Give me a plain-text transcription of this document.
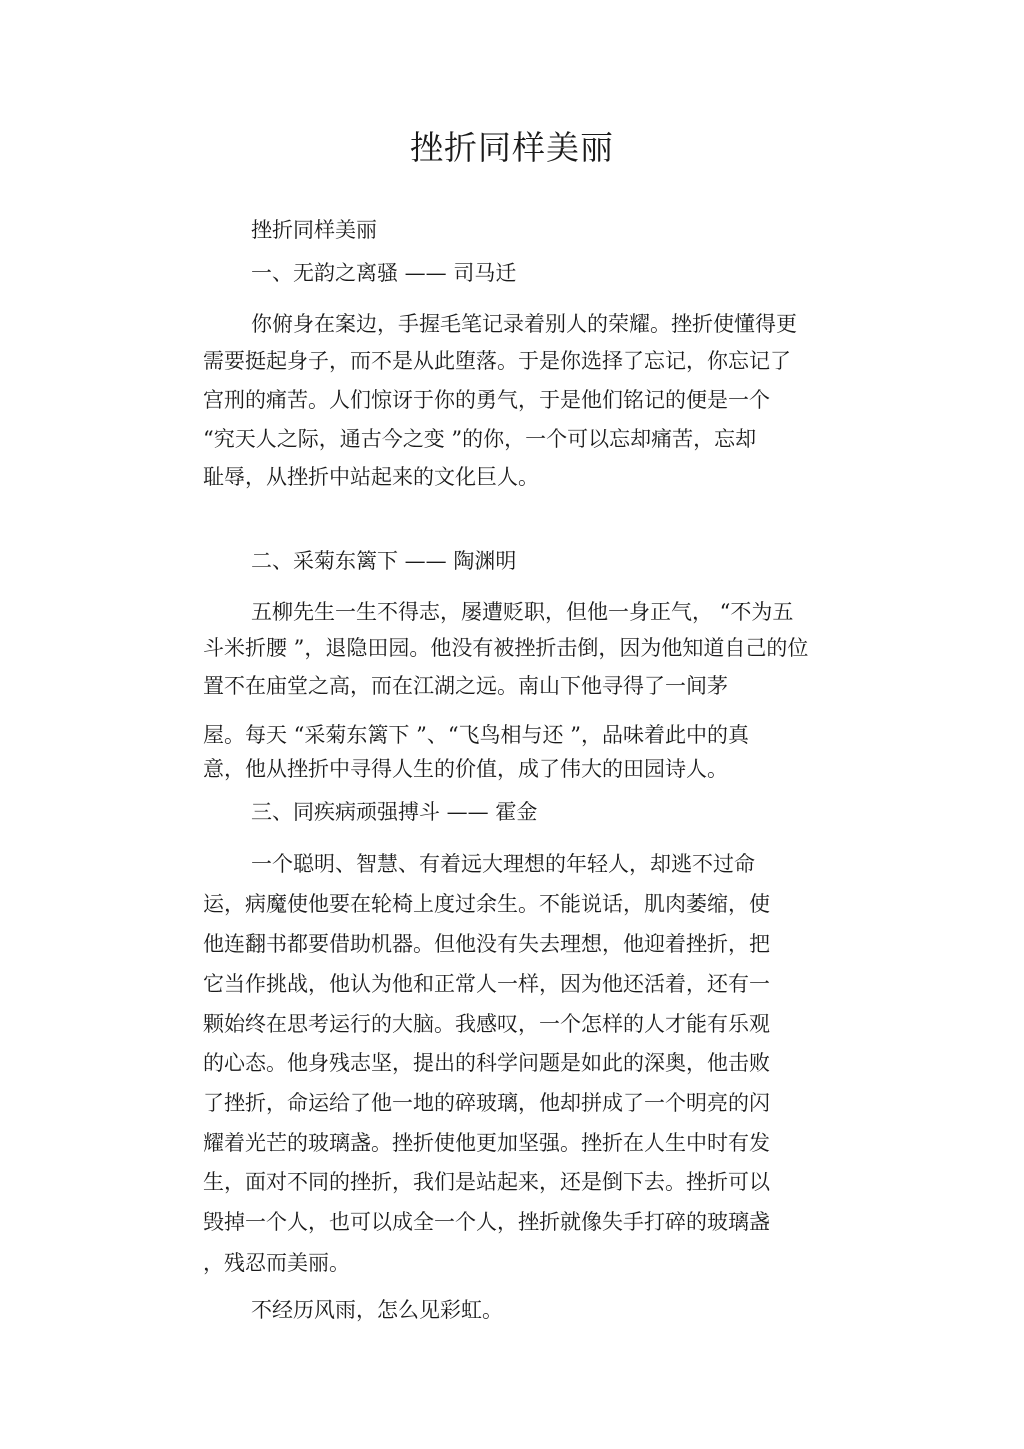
挫折同样美丽
挫折同样美丽
一、无韵之离骚 —— 司马迁
你俯身在案边，手握毛笔记录着别人的荣耀。挫折使懂得更
需要挺起身子，而不是从此堕落。于是你选择了忘记，你忘记了
宫刑的痛苦。人们惊讶于你的勇气，于是他们铭记的便是一个
“究天人之际，通古今之变 ”的你，一个可以忘却痛苦，忘却
耻辱，从挫折中站起来的文化巨人。
二、采菊东篱下 —— 陶渊明
五柳先生一生不得志，屡遭贬职，但他一身正气， “不为五
斗米折腰 ”，退隐田园。他没有被挫折击倒，因为他知道自己的位
置不在庙堂之高，而在江湖之远。南山下他寻得了一间茅
屋。每天 “采菊东篱下 ”、“飞鸟相与还 ”，品味着此中的真
意，他从挫折中寻得人生的价值，成了伟大的田园诗人。
三、同疾病顽强搏斗 —— 霍金
一个聪明、智慧、有着远大理想的年轻人，却逃不过命
运，病魔使他要在轮椅上度过余生。不能说话，肌肉萎缩，使
他连翻书都要借助机器。但他没有失去理想，他迎着挫折，把
它当作挑战，他认为他和正常人一样，因为他还活着，还有一
颗始终在思考运行的大脑。我感叹，一个怎样的人才能有乐观
的心态。他身残志坚，提出的科学问题是如此的深奥，他击败
了挫折，命运给了他一地的碎玻璃，他却拼成了一个明亮的闪
耀着光芒的玻璃盏。挫折使他更加坚强。挫折在人生中时有发
生，面对不同的挫折，我们是站起来，还是倒下去。挫折可以
毁掉一个人，也可以成全一个人，挫折就像失手打碎的玻璃盏
，残忍而美丽。
不经历风雨，怎么见彩虹。
